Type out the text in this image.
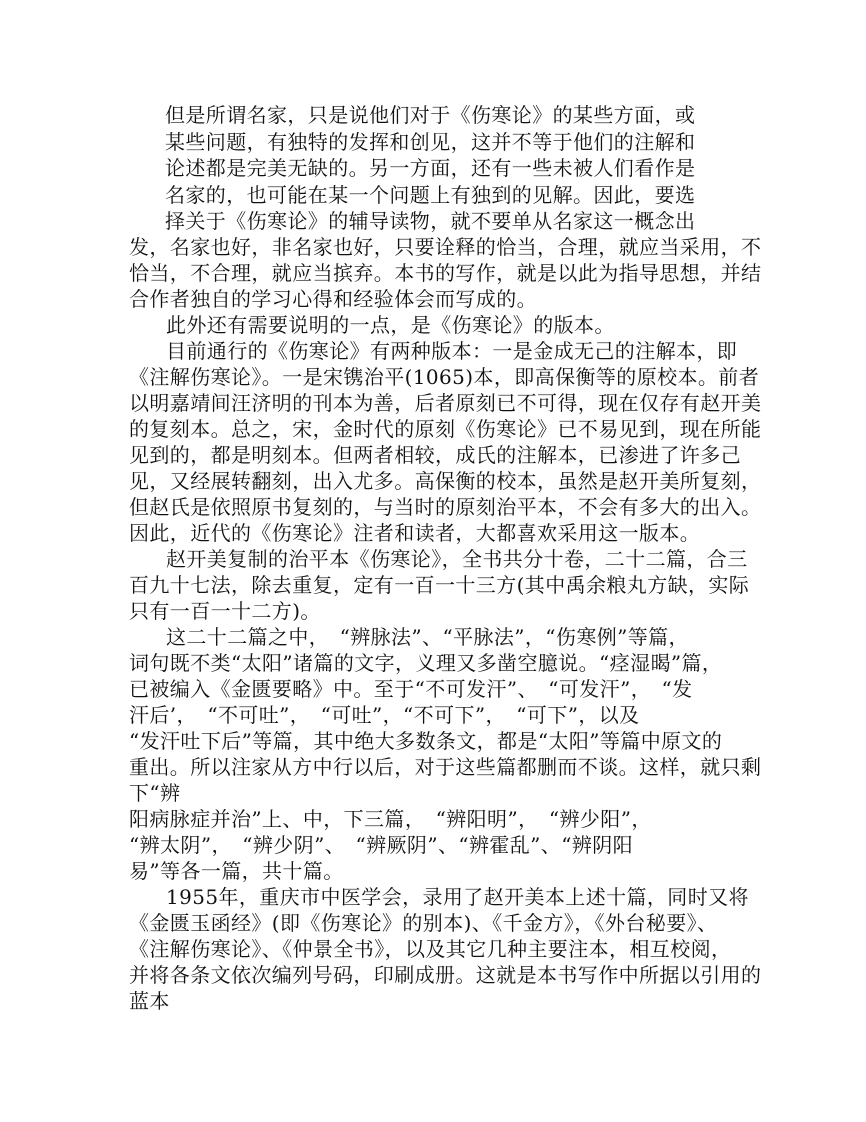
但是所谓名家，只是说他们对于《伤寒论》的某些方面，或
某些问题，有独特的发挥和创见，这并不等于他们的注解和
论述都是完美无缺的。另一方面，还有一些未被人们看作是
名家的，也可能在某一个问题上有独到的见解。因此，要选
择关于《伤寒论》的辅导读物，就不要单从名家这一概念出
发，名家也好，非名家也好，只要诠释的恰当，合理，就应当采用，不
恰当，不合理，就应当摈弃。本书的写作，就是以此为指导思想，并结
合作者独自的学习心得和经验体会而写成的。
此外还有需要说明的一点，是《伤寒论》的版本。
目前通行的《伤寒论》有两种版本：一是金成无己的注解本，即
《注解伤寒论》。一是宋镌治平(1065)本，即高保衡等的原校本。前者
以明嘉靖间汪济明的刊本为善，后者原刻已不可得，现在仅存有赵开美
的复刻本。总之，宋，金时代的原刻《伤寒论》已不易见到，现在所能
见到的，都是明刻本。但两者相较，成氏的注解本，已渗进了许多己
见，又经展转翻刻，出入尤多。高保衡的校本，虽然是赵开美所复刻，
但赵氏是依照原书复刻的，与当时的原刻治平本，不会有多大的出入。
因此，近代的《伤寒论》注者和读者，大都喜欢采用这一版本。
赵开美复制的治平本《伤寒论》，全书共分十卷，二十二篇，合三
百九十七法，除去重复，定有一百一十三方(其中禹余粮丸方缺，实际
只有一百一十二方)。
这二十二篇之中，　“辨脉法”、“平脉法”，“伤寒例”等篇，
词句既不类“太阳”诸篇的文字，义理又多凿空臆说。“痉湿暍”篇，
已被编入《金匮要略》中。至于“不可发汗”、　“可发汗”，　“发
汗后’，　“不可吐”，　“可吐”，“不可下”，　“可下”，以及
“发汗吐下后”等篇，其中绝大多数条文，都是“太阳”等篇中原文的
重出。所以注家从方中行以后，对于这些篇都删而不谈。这样，就只剩
下“辨
阳病脉症并治”上、中，下三篇，　“辨阳明”，　“辨少阳”，
“辨太阴”，　“辨少阴”、　“辨厥阴”、“辨霍乱”、“辨阴阳
易”等各一篇，共十篇。
1955年，重庆市中医学会，录用了赵开美本上述十篇，同时又将
《金匮玉函经》(即《伤寒论》的别本)、《千金方》，《外台秘要》、
《注解伤寒论》、《仲景全书》，以及其它几种主要注本，相互校阅，
并将各条文依次编列号码，印刷成册。这就是本书写作中所据以引用的
蓝本
